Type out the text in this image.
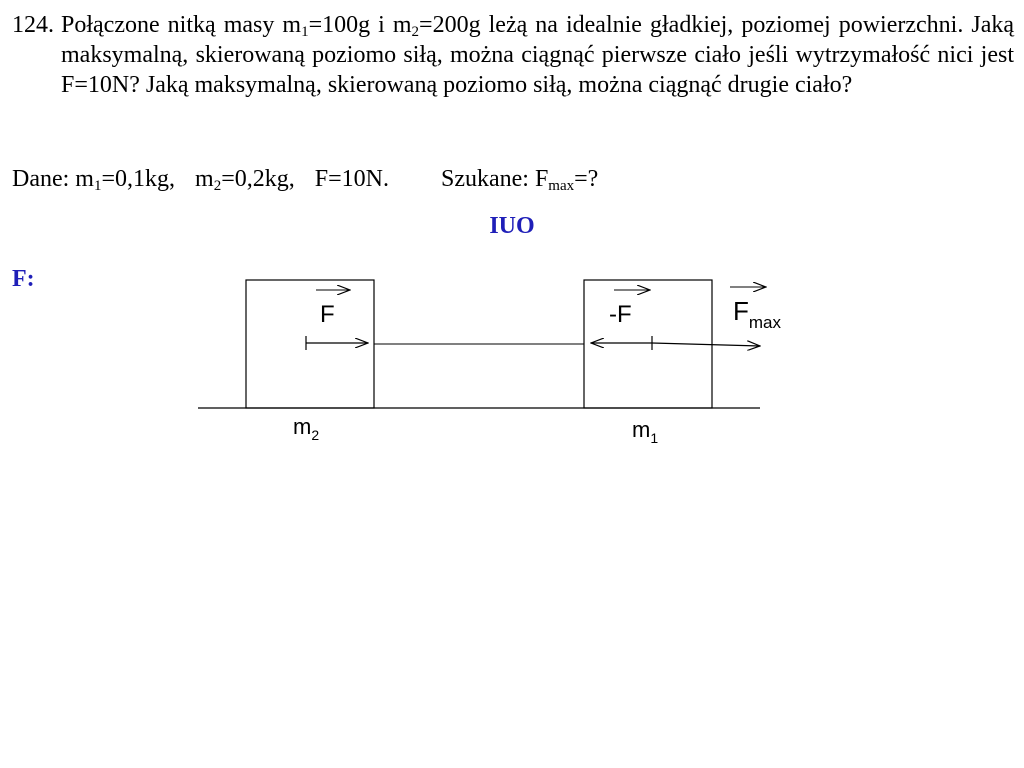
124. Połączone nitką masy $m_1=100g$ i $m_2=200g$ leżą na idealnie gładkiej, poziomej powierzchni. Jaką maksymalną, skierowaną poziomo siłą, można ciągnąć pierwsze ciało jeśli wytrzymałość nici jest F=10N? Jaką maksymalną, skierowaną poziomo siłą, można ciągnąć drugie ciało?
Dane: $m_1=0,1kg$, $m_2=0,2kg$, F=10N. Szukane: $F_{max}=$?
IUO
F:
F	-F	$F_{max}$
$m_2$	$m_1$
